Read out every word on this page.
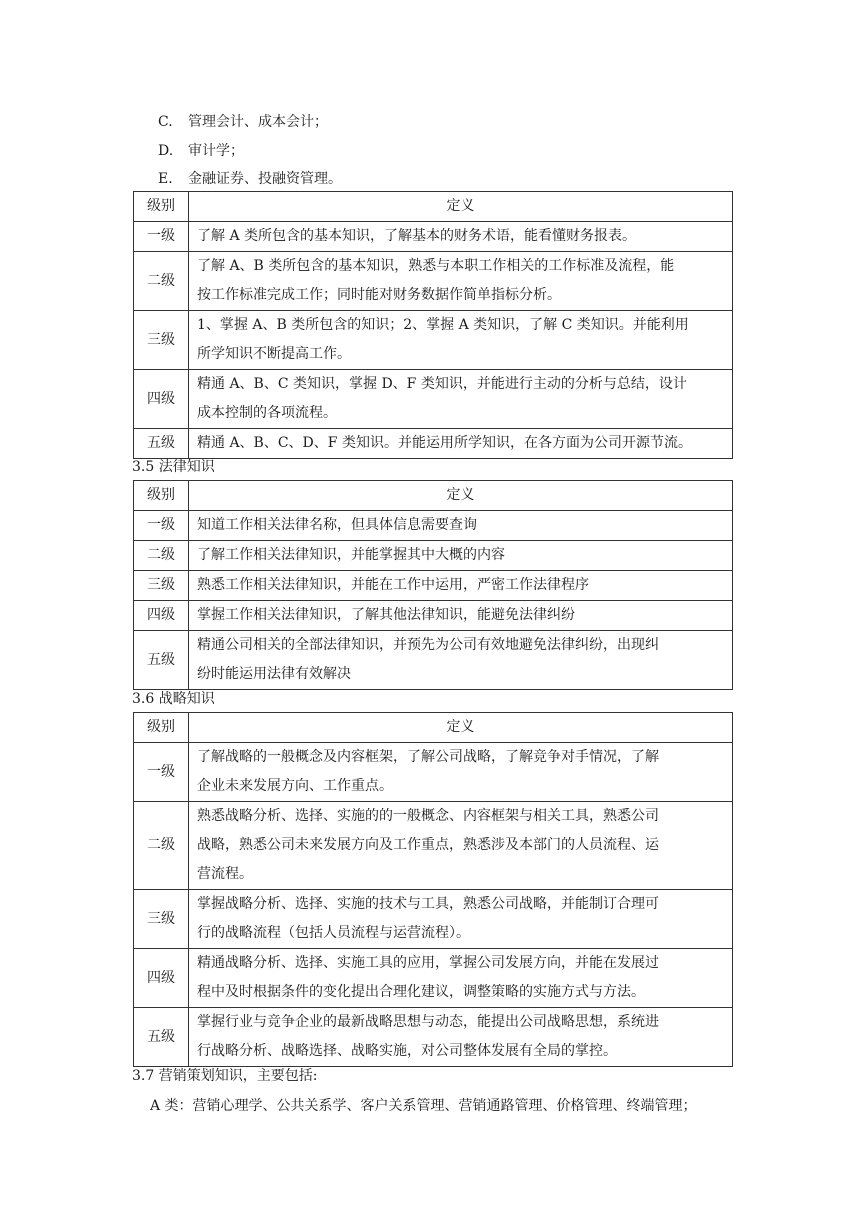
C. 管理会计、成本会计；
D. 审计学；
E. 金融证券、投融资管理。
级别	定义
一级	了解 A 类所包含的基本知识，了解基本的财务术语，能看懂财务报表。

二级	了解 A、B 类所包含的基本知识，熟悉与本职工作相关的工作标准及流程，能
按工作标准完成工作；同时能对财务数据作简单指标分析。

三级	1、掌握 A、B 类所包含的知识；2、掌握 A 类知识，了解 C 类知识。并能利用
所学知识不断提高工作。

四级	精通 A、B、C 类知识，掌握 D、F 类知识，并能进行主动的分析与总结，设计
成本控制的各项流程。

五级	精通 A、B、C、D、F 类知识。并能运用所学知识，在各方面为公司开源节流。
3.5 法律知识
级别	定义
一级	知道工作相关法律名称，但具体信息需要查询

二级	了解工作相关法律知识，并能掌握其中大概的内容

三级	熟悉工作相关法律知识，并能在工作中运用，严密工作法律程序

四级	掌握工作相关法律知识，了解其他法律知识，能避免法律纠纷

五级	精通公司相关的全部法律知识，并预先为公司有效地避免法律纠纷，出现纠
纷时能运用法律有效解决
3.6 战略知识
级别	定义
一级	了解战略的一般概念及内容框架，了解公司战略，了解竞争对手情况，了解
企业未来发展方向、工作重点。

二级	熟悉战略分析、选择、实施的的一般概念、内容框架与相关工具，熟悉公司
战略，熟悉公司未来发展方向及工作重点，熟悉涉及本部门的人员流程、运
营流程。

三级	掌握战略分析、选择、实施的技术与工具，熟悉公司战略，并能制订合理可
行的战略流程（包括人员流程与运营流程）。

四级	精通战略分析、选择、实施工具的应用，掌握公司发展方向，并能在发展过
程中及时根据条件的变化提出合理化建议，调整策略的实施方式与方法。

五级	掌握行业与竞争企业的最新战略思想与动态，能提出公司战略思想，系统进
行战略分析、战略选择、战略实施，对公司整体发展有全局的掌控。
3.7 营销策划知识，主要包括:
A 类：营销心理学、公共关系学、客户关系管理、营销通路管理、价格管理、终端管理；
